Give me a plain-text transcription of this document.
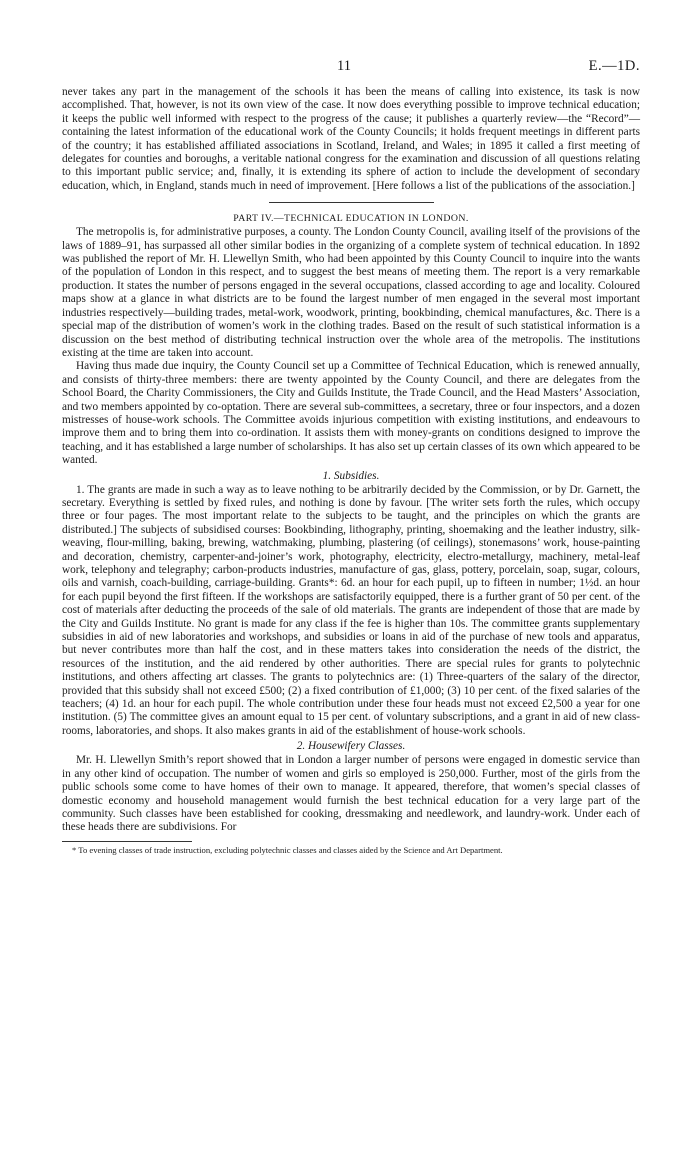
11	E.—1D.

never takes any part in the management of the schools it has been the means of calling into existence, its task is now accomplished. That, however, is not its own view of the case. It now does everything possible to improve technical education; it keeps the public well informed with respect to the progress of the cause; it publishes a quarterly review—the “Record”—containing the latest information of the educational work of the County Councils; it holds frequent meetings in different parts of the country; it has established affiliated associations in Scotland, Ireland, and Wales; in 1895 it called a first meeting of delegates for counties and boroughs, a veritable national congress for the examination and discussion of all questions relating to this important public service; and, finally, it is extending its sphere of action to include the development of secondary education, which, in England, stands much in need of improvement. [Here follows a list of the publications of the association.]

PART IV.—TECHNICAL EDUCATION IN LONDON.

The metropolis is, for administrative purposes, a county. The London County Council, availing itself of the provisions of the laws of 1889–91, has surpassed all other similar bodies in the organizing of a complete system of technical education. In 1892 was published the report of Mr. H. Llewellyn Smith, who had been appointed by this County Council to inquire into the wants of the population of London in this respect, and to suggest the best means of meeting them. The report is a very remarkable production. It states the number of persons engaged in the several occupations, classed according to age and locality. Coloured maps show at a glance in what districts are to be found the largest number of men engaged in the several most important industries respectively—building trades, metal-work, woodwork, printing, bookbinding, chemical manufactures, &c. There is a special map of the distribution of women’s work in the clothing trades. Based on the result of such statistical information is a discussion on the best method of distributing technical instruction over the whole area of the metropolis. The institutions existing at the time are taken into account.

Having thus made due inquiry, the County Council set up a Committee of Technical Education, which is renewed annually, and consists of thirty-three members: there are twenty appointed by the County Council, and there are delegates from the School Board, the Charity Commissioners, the City and Guilds Institute, the Trade Council, and the Head Masters’ Association, and two members appointed by co-optation. There are several sub-committees, a secretary, three or four inspectors, and a dozen mistresses of house-work schools. The Committee avoids injurious competition with existing institutions, and endeavours to improve them and to bring them into co-ordination. It assists them with money-grants on conditions designed to improve the teaching, and it has established a large number of scholarships. It has also set up certain classes of its own which appeared to be wanted.

1. Subsidies.

1. The grants are made in such a way as to leave nothing to be arbitrarily decided by the Commission, or by Dr. Garnett, the secretary. Everything is settled by fixed rules, and nothing is done by favour. [The writer sets forth the rules, which occupy three or four pages. The most important relate to the subjects to be taught, and the principles on which the grants are distributed.] The subjects of subsidised courses: Bookbinding, lithography, printing, shoemaking and the leather industry, silk-weaving, flour-milling, baking, brewing, watchmaking, plumbing, plastering (of ceilings), stonemasons’ work, house-painting and decoration, chemistry, carpenter-and-joiner’s work, photography, electricity, electro-metallurgy, machinery, metal-leaf work, telephony and telegraphy; carbon-products industries, manufacture of gas, glass, pottery, porcelain, soap, sugar, colours, oils and varnish, coach-building, carriage-building. Grants*: 6d. an hour for each pupil, up to fifteen in number; 1½d. an hour for each pupil beyond the first fifteen. If the workshops are satisfactorily equipped, there is a further grant of 50 per cent. of the cost of materials after deducting the proceeds of the sale of old materials. The grants are independent of those that are made by the City and Guilds Institute. No grant is made for any class if the fee is higher than 10s. The committee grants supplementary subsidies in aid of new laboratories and workshops, and subsidies or loans in aid of the purchase of new tools and apparatus, but never contributes more than half the cost, and in these matters takes into consideration the needs of the district, the resources of the institution, and the aid rendered by other authorities. There are special rules for grants to polytechnic institutions, and others affecting art classes. The grants to polytechnics are: (1) Three-quarters of the salary of the director, provided that this subsidy shall not exceed £500; (2) a fixed contribution of £1,000; (3) 10 per cent. of the fixed salaries of the teachers; (4) 1d. an hour for each pupil. The whole contribution under these four heads must not exceed £2,500 a year for one institution. (5) The committee gives an amount equal to 15 per cent. of voluntary subscriptions, and a grant in aid of new class-rooms, laboratories, and shops. It also makes grants in aid of the establishment of house-work schools.

2. Housewifery Classes.

Mr. H. Llewellyn Smith’s report showed that in London a larger number of persons were engaged in domestic service than in any other kind of occupation. The number of women and girls so employed is 250,000. Further, most of the girls from the public schools some come to have homes of their own to manage. It appeared, therefore, that women’s special classes of domestic economy and household management would furnish the best technical education for a very large part of the community. Such classes have been established for cooking, dressmaking and needlework, and laundry-work. Under each of these heads there are subdivisions. For

* To evening classes of trade instruction, excluding polytechnic classes and classes aided by the Science and Art Department.
